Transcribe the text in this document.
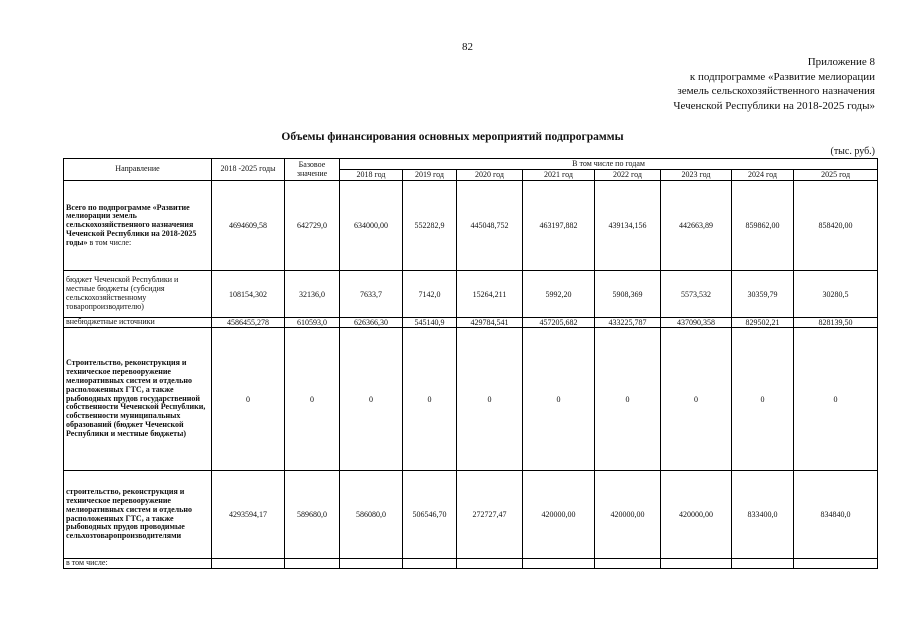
82
Приложение 8
к подпрограмме «Развитие мелиорации
земель сельскохозяйственного назначения
Чеченской Республики на 2018-2025 годы»
Объемы финансирования основных мероприятий подпрограммы
(тыс. руб.)
Направление	2018 -2025 годы	Базовое значение	В том числе по годам							
			2018 год	2019 год	2020 год	2021 год	2022 год	2023 год	2024 год	2025 год
Всего по подпрограмме «Развитие мелиорации земель сельскохозяйственного назначения Чеченской Республики на 2018-2025 годы» в том числе:	4694609,58	642729,0	634000,00	552282,9	445048,752	463197,882	439134,156	442663,89	859862,00	858420,00
бюджет Чеченской Республики и местные бюджеты (субсидия сельскохозяйственному товаропроизводителю)	108154,302	32136,0	7633,7	7142,0	15264,211	5992,20	5908,369	5573,532	30359,79	30280,5
внебюджетные источники	4586455,278	610593,0	626366,30	545140,9	429784,541	457205,682	433225,787	437090,358	829502,21	828139,50
Строительство, реконструкция и техническое перевооружение мелиоративных систем и отдельно расположенных ГТС, а также рыбоводных прудов государственной собственности Чеченской Республики, собственности муниципальных образований (бюджет Чеченской Республики и местные бюджеты)	0	0	0	0	0	0	0	0	0	0
строительство, реконструкция и техническое перевооружение мелиоративных систем и отдельно расположенных ГТС, а также рыбоводных прудов проводимые сельхозтоваропроизводителями	4293594,17	589680,0	586080,0	506546,70	272727,47	420000,00	420000,00	420000,00	833400,0	834840,0
в том числе:										
